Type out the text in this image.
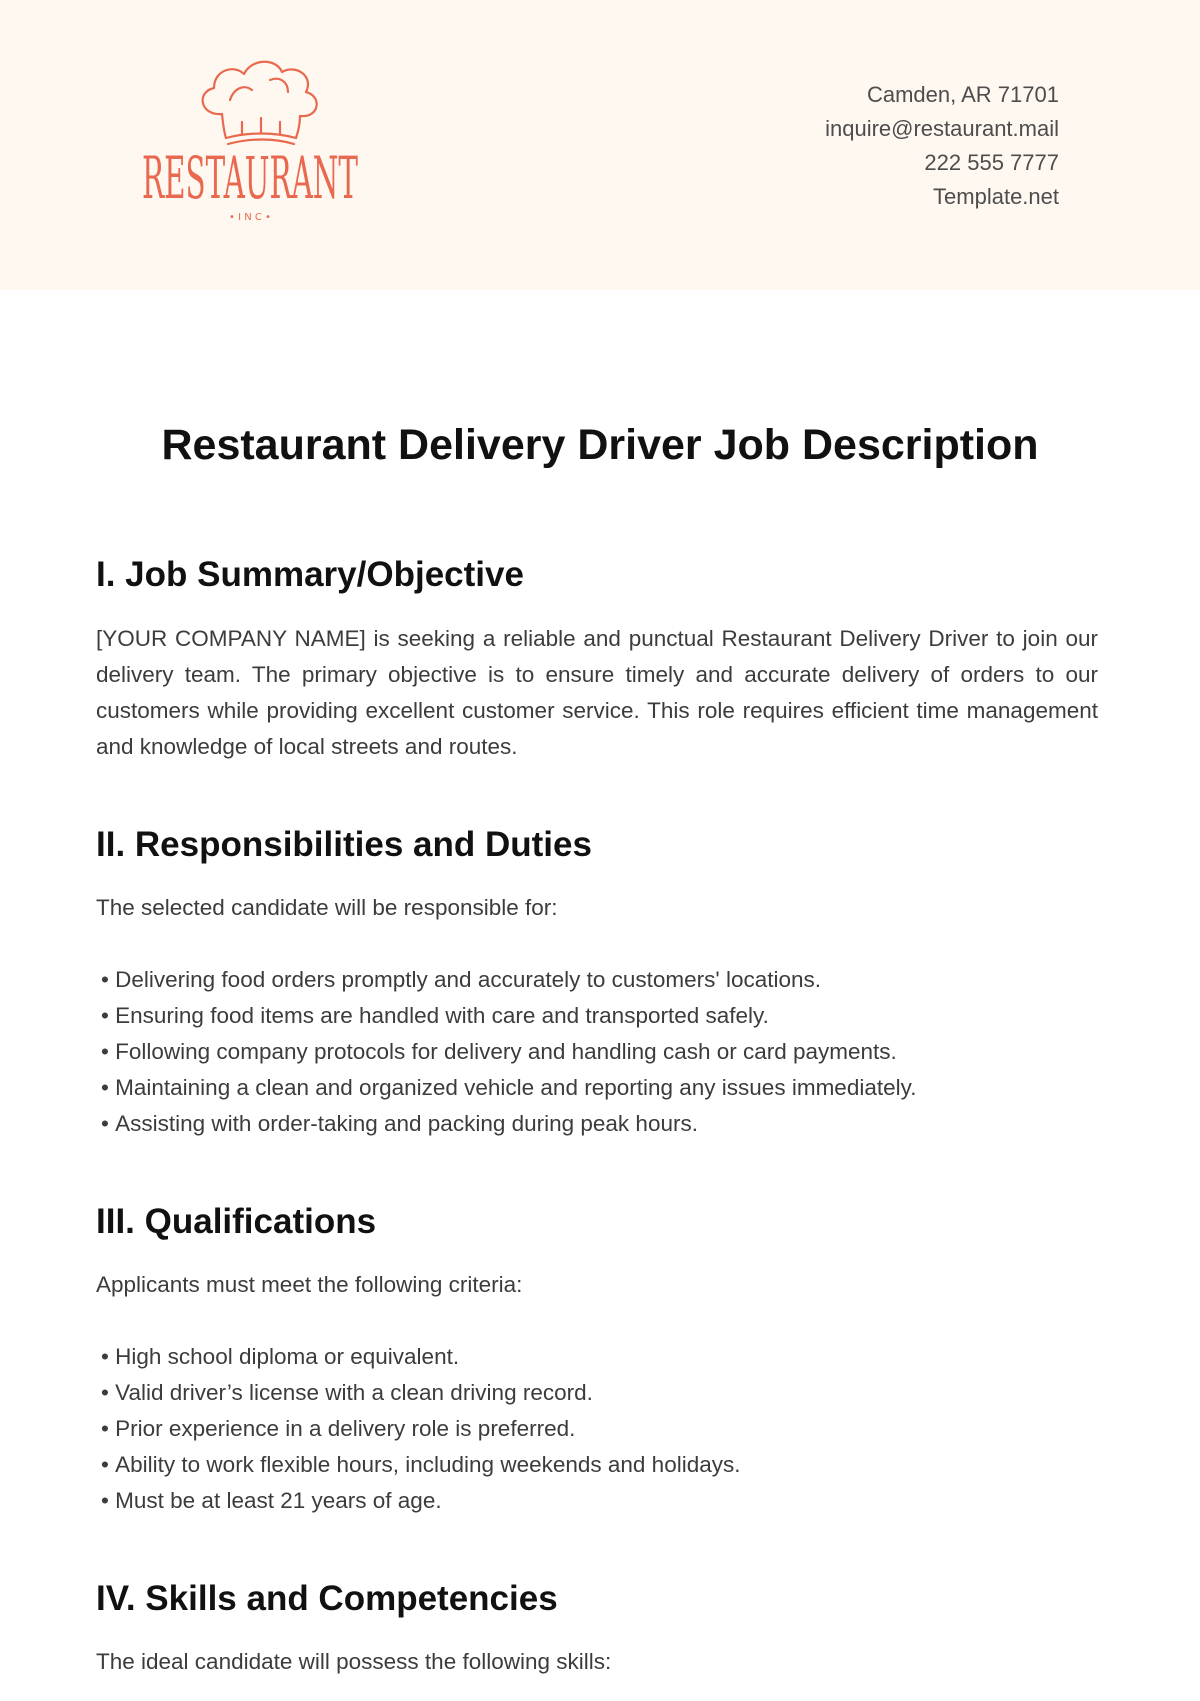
RESTAURANT
• I N C •
Camden, AR 71701
inquire@restaurant.mail
222 555 7777
Template.net
Restaurant Delivery Driver Job Description
I. Job Summary/Objective

[YOUR COMPANY NAME] is seeking a reliable and punctual Restaurant Delivery Driver to join our delivery team. The primary objective is to ensure timely and accurate delivery of orders to our customers while providing excellent customer service. This role requires efficient time management and knowledge of local streets and routes.

II. Responsibilities and Duties

The selected candidate will be responsible for:

• Delivering food orders promptly and accurately to customers' locations.
• Ensuring food items are handled with care and transported safely.
• Following company protocols for delivery and handling cash or card payments.
• Maintaining a clean and organized vehicle and reporting any issues immediately.
• Assisting with order-taking and packing during peak hours.
III. Qualifications

Applicants must meet the following criteria:

• High school diploma or equivalent.
• Valid driver’s license with a clean driving record.
• Prior experience in a delivery role is preferred.
• Ability to work flexible hours, including weekends and holidays.
• Must be at least 21 years of age.
IV. Skills and Competencies

The ideal candidate will possess the following skills:
